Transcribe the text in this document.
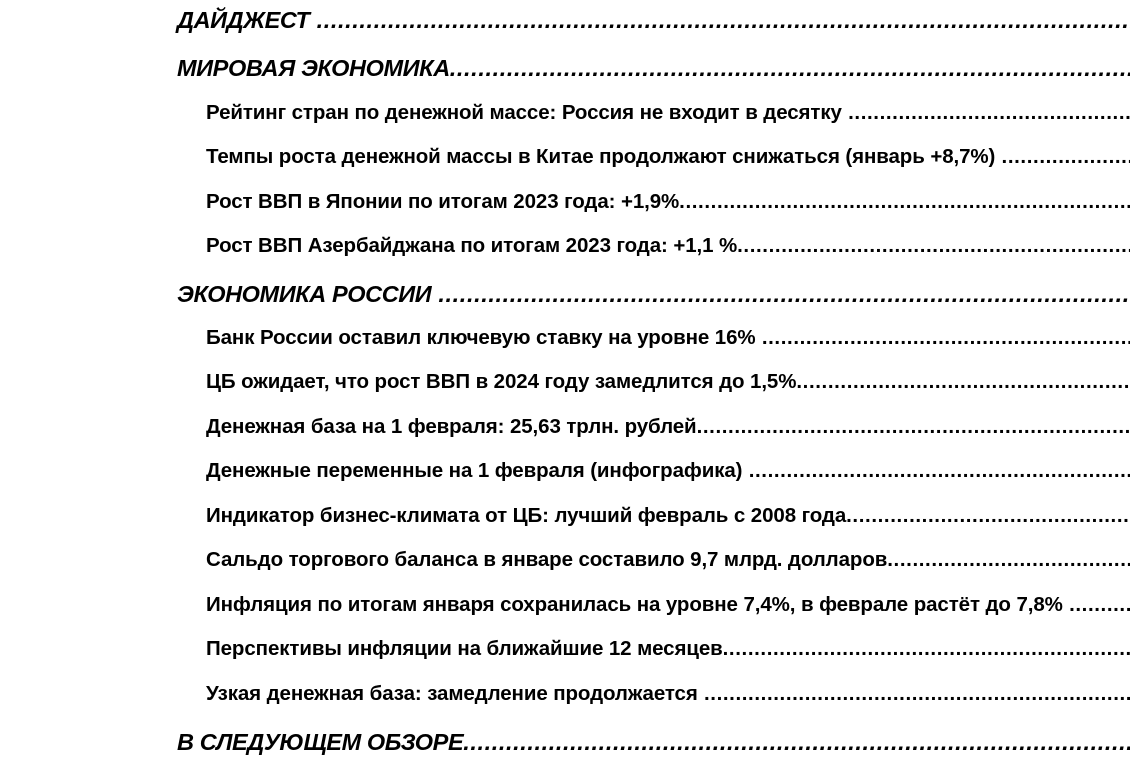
ДАЙДЖЕСТ .....
МИРОВАЯ ЭКОНОМИКА .....
Рейтинг стран по денежной массе: Россия не входит в десятку .....
Темпы роста денежной массы в Китае продолжают снижаться (январь +8,7%) .....
Рост ВВП в Японии по итогам 2023 года: +1,9% .....
Рост ВВП Азербайджана по итогам 2023 года: +1,1 % .....
ЭКОНОМИКА РОССИИ .....
Банк России оставил ключевую ставку на уровне 16% .....
ЦБ ожидает, что рост ВВП в 2024 году замедлится до 1,5% .....
Денежная база на 1 февраля: 25,63 трлн. рублей .....
Денежные переменные на 1 февраля (инфографика) .....
Индикатор бизнес-климата от ЦБ: лучший февраль с 2008 года .....
Сальдо торгового баланса в январе составило 9,7 млрд. долларов .....
Инфляция по итогам января сохранилась на уровне 7,4%, в феврале растёт до 7,8% .....
Перспективы инфляции на ближайшие 12 месяцев .....
Узкая денежная база: замедление продолжается .....
В СЛЕДУЮЩЕМ ОБЗОРЕ .....
